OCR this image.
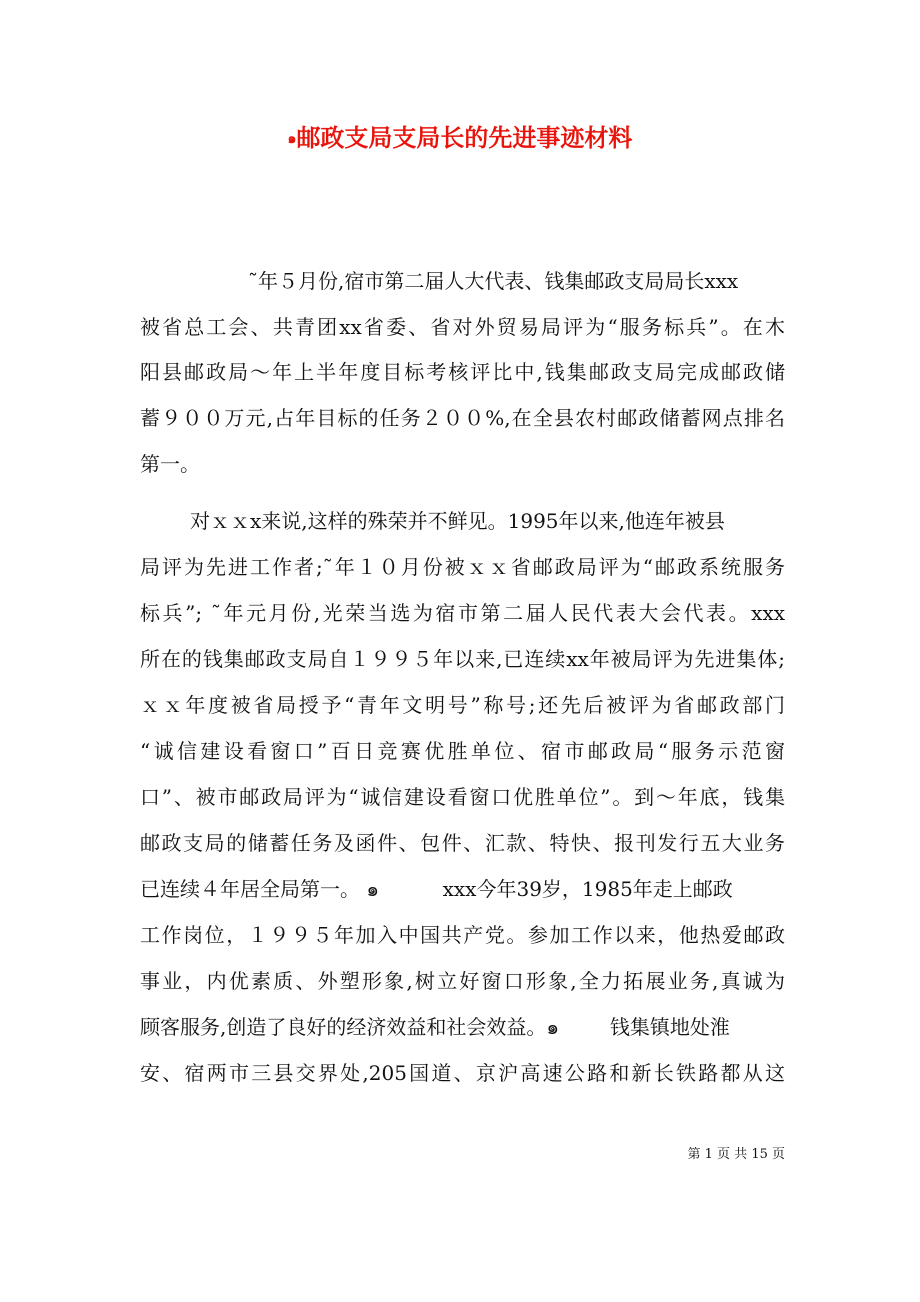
๑邮政支局支局长的先进事迹材料
˜年５月份,宿市第二届人大代表、钱集邮政支局局长xxx
被省总工会、共青团xx省委、省对外贸易局评为“服务标兵”。在木
阳县邮政局～年上半年度目标考核评比中,钱集邮政支局完成邮政储
蓄９００万元,占年目标的任务２００%,在全县农村邮政储蓄网点排名
第一。
对ｘｘx来说,这样的殊荣并不鲜见。1995年以来,他连年被县
局评为先进工作者;˜年１０月份被ｘｘ省邮政局评为“邮政系统服务
标兵”; ˜年元月份,光荣当选为宿市第二届人民代表大会代表。xxx
所在的钱集邮政支局自１９９５年以来,已连续xx年被局评为先进集体;
ｘｘ年度被省局授予“青年文明号”称号;还先后被评为省邮政部门
“诚信建设看窗口”百日竞赛优胜单位、宿市邮政局“服务示范窗
口”、被市邮政局评为“诚信建设看窗口优胜单位”。到～年底，钱集
邮政支局的储蓄任务及函件、包件、汇款、特快、报刊发行五大业务
已连续４年居全局第一。 ๑          xxx今年39岁，1985年走上邮政
工作岗位，１９９５年加入中国共产党。参加工作以来，他热爱邮政
事业，内优素质、外塑形象,树立好窗口形象,全力拓展业务,真诚为
顾客服务,创造了良好的经济效益和社会效益。๑        钱集镇地处淮
安、宿两市三县交界处,205国道、京沪高速公路和新长铁路都从这
第 1 页 共 15 页
